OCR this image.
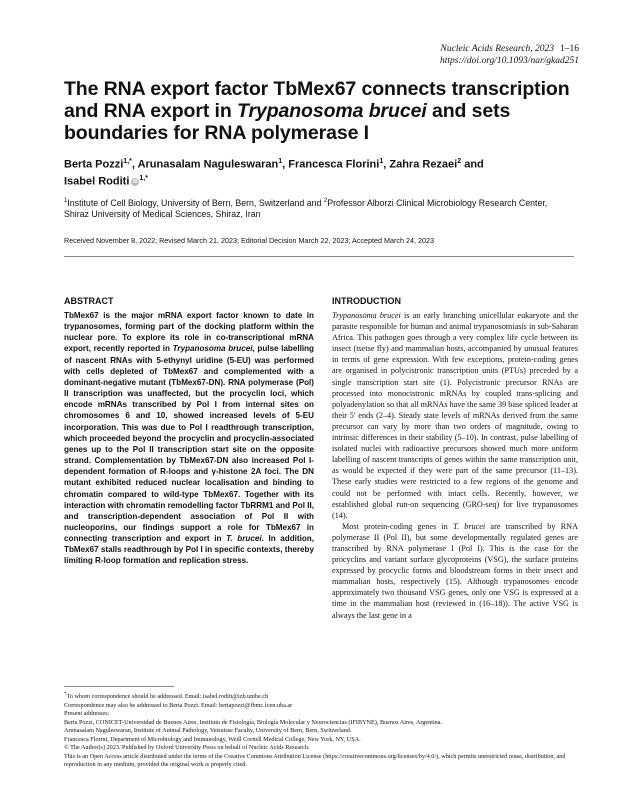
Nucleic Acids Research, 2023 1–16
https://doi.org/10.1093/nar/gkad251
The RNA export factor TbMex67 connects transcription and RNA export in Trypanosoma brucei and sets boundaries for RNA polymerase I
Berta Pozzi$^{1,*}$, Arunasalam Naguleswaran$^1$, Francesca Florini$^1$, Zahra Rezaei$^2$ and
Isabel Roditi iD $^{1,*}$
$^1$Institute of Cell Biology, University of Bern, Bern, Switzerland and $^2$Professor Alborzi Clinical Microbiology Research Center, Shiraz University of Medical Sciences, Shiraz, Iran
Received November 8, 2022; Revised March 21, 2023; Editorial Decision March 22, 2023; Accepted March 24, 2023
ABSTRACT
TbMex67 is the major mRNA export factor known to date in trypanosomes, forming part of the docking platform within the nuclear pore. To explore its role in co-transcriptional mRNA export, recently reported in Trypanosoma brucei, pulse labelling of nascent RNAs with 5-ethynyl uridine (5-EU) was performed with cells depleted of TbMex67 and complemented with a dominant-negative mutant (TbMex67-DN). RNA polymerase (Pol) II transcription was unaffected, but the procyclin loci, which encode mRNAs transcribed by Pol I from internal sites on chromosomes 6 and 10, showed increased levels of 5-EU incorporation. This was due to Pol I readthrough transcription, which proceeded beyond the procyclin and procyclin-associated genes up to the Pol II transcription start site on the opposite strand. Complementation by TbMex67-DN also increased Pol I-dependent formation of R-loops and γ-histone 2A foci. The DN mutant exhibited reduced nuclear localisation and binding to chromatin compared to wild-type TbMex67. Together with its interaction with chromatin remodelling factor TbRRM1 and Pol II, and transcription-dependent association of Pol II with nucleoporins, our findings support a role for TbMex67 in connecting transcription and export in T. brucei. In addition, TbMex67 stalls readthrough by Pol I in specific contexts, thereby limiting R-loop formation and replication stress.
INTRODUCTION

Trypanosoma brucei is an early branching unicellular eukaryote and the parasite responsible for human and animal trypanosomiasis in sub-Saharan Africa. This pathogen goes through a very complex life cycle between its insect (tsetse fly) and mammalian hosts, accompanied by unusual features in terms of gene expression. With few exceptions, protein-coding genes are organised in polycistronic transcription units (PTUs) preceded by a single transcription start site (1). Polycistronic precursor RNAs are processed into monocistronic mRNAs by coupled trans-splicing and polyadenylation so that all mRNAs have the same 39 base spliced leader at their 5′ ends (2–4). Steady state levels of mRNAs derived from the same precursor can vary by more than two orders of magnitude, owing to intrinsic differences in their stability (5–10). In contrast, pulse labelling of isolated nuclei with radioactive precursors showed much more uniform labelling of nascent transcripts of genes within the same transcription unit, as would be expected if they were part of the same precursor (11–13). These early studies were restricted to a few regions of the genome and could not be performed with intact cells. Recently, however, we established global run-on sequencing (GRO-seq) for live trypanosomes (14).

Most protein-coding genes in T. brucei are transcribed by RNA polymerase II (Pol II), but some developmentally regulated genes are transcribed by RNA polymerase I (Pol I). This is the case for the procyclins and variant surface glycoproteins (VSG), the surface proteins expressed by procyclic forms and bloodstream forms in their insect and mammalian hosts, respectively (15). Although trypanosomes encode approximately two thousand VSG genes, only one VSG is expressed at a time in the mammalian host (reviewed in (16–18)). The active VSG is always the last gene in a

*To whom correspondence should be addressed. Email: isabel.roditi@izb.unibe.ch
Correspondence may also be addressed to Berta Pozzi. Email: bertapozzi@fbmc.fcen.uba.ar
Present addresses:
Berta Pozzi, CONICET-Universidad de Buenos Aires, Instituto de Fisiología, Biología Molecular y Neurociencias (IFIBYNE), Buenos Aires, Argentina.
Arunasalam Naguleswaran, Institute of Animal Pathology, Vetsuisse Faculty, University of Bern, Bern, Switzerland.
Francesca Florini, Department of Microbiology and Immunology, Weill Cornell Medical College, New York, NY, USA.
© The Author(s) 2023. Published by Oxford University Press on behalf of Nucleic Acids Research.
This is an Open Access article distributed under the terms of the Creative Commons Attribution License (https://creativecommons.org/licenses/by/4.0/), which permits unrestricted reuse, distribution, and reproduction in any medium, provided the original work is properly cited.
